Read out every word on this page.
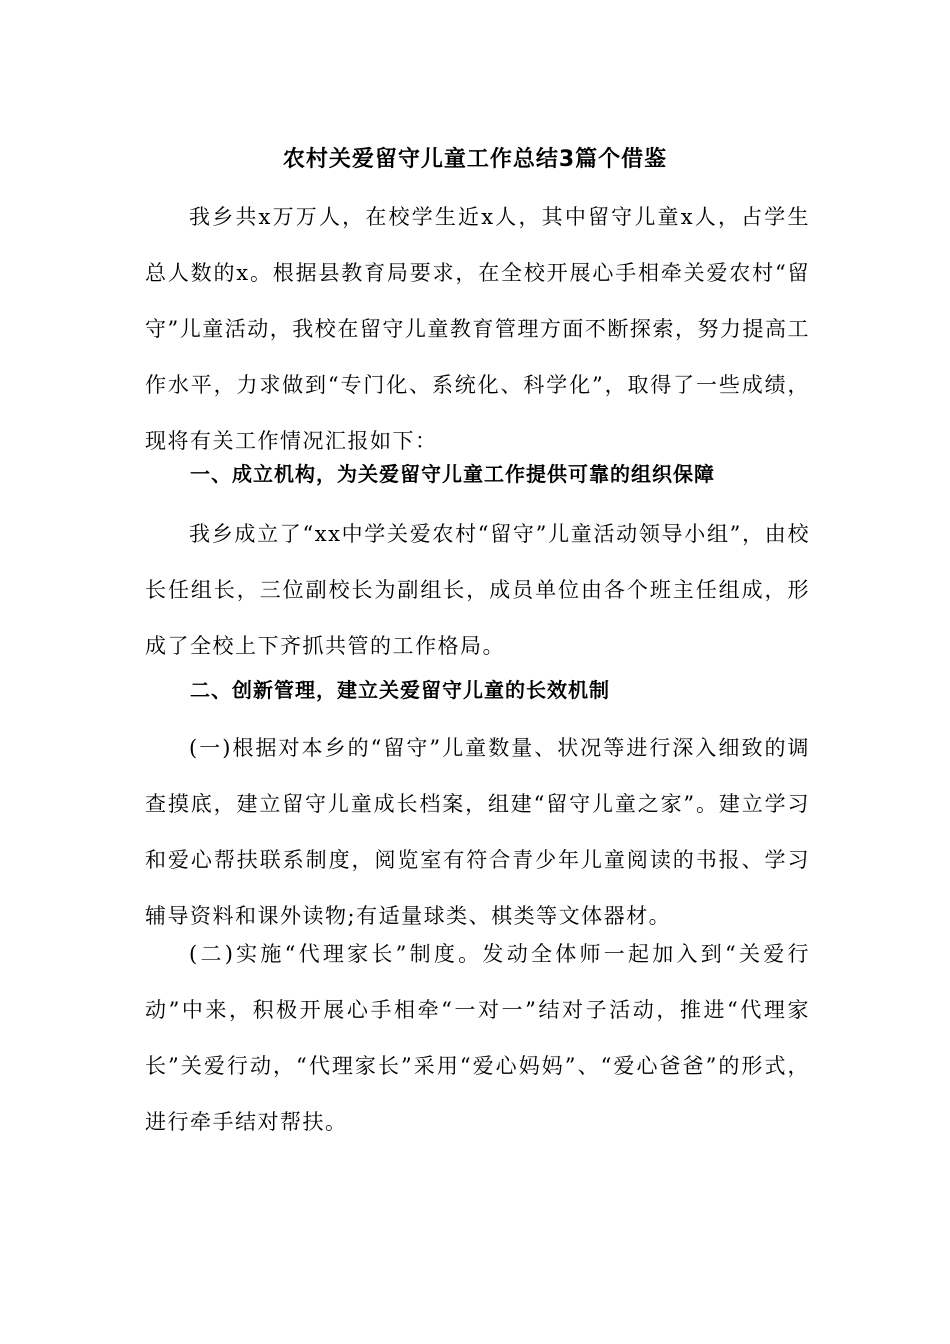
农村关爱留守儿童工作总结3篇个借鉴

我乡共x万万人，在校学生近x人，其中留守儿童x人，占学生总人数的x。根据县教育局要求，在全校开展心手相牵关爱农村“留守”儿童活动，我校在留守儿童教育管理方面不断探索，努力提高工作水平，力求做到“专门化、系统化、科学化”，取得了一些成绩，现将有关工作情况汇报如下：

一、成立机构，为关爱留守儿童工作提供可靠的组织保障

我乡成立了“xx中学关爱农村“留守”儿童活动领导小组”，由校长任组长，三位副校长为副组长，成员单位由各个班主任组成，形成了全校上下齐抓共管的工作格局。

二、创新管理，建立关爱留守儿童的长效机制

(一)根据对本乡的“留守”儿童数量、状况等进行深入细致的调查摸底，建立留守儿童成长档案，组建“留守儿童之家”。建立学习和爱心帮扶联系制度，阅览室有符合青少年儿童阅读的书报、学习辅导资料和课外读物;有适量球类、棋类等文体器材。

(二)实施“代理家长”制度。发动全体师一起加入到“关爱行动”中来，积极开展心手相牵“一对一”结对子活动，推进“代理家长”关爱行动，“代理家长”采用“爱心妈妈”、“爱心爸爸”的形式，进行牵手结对帮扶。
